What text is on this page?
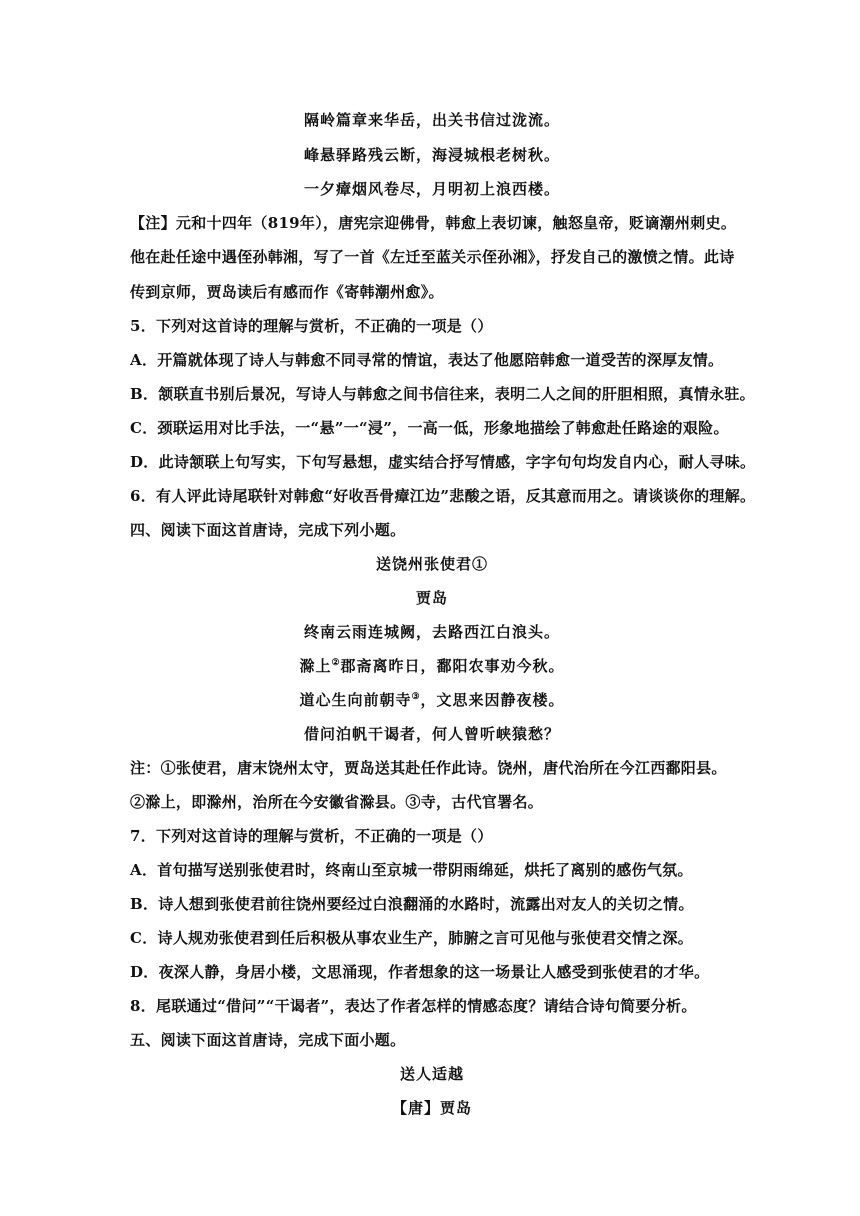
隔岭篇章来华岳，出关书信过泷流。
峰悬驿路残云断，海浸城根老树秋。
一夕瘴烟风卷尽，月明初上浪西楼。
【注】元和十四年（819年），唐宪宗迎佛骨，韩愈上表切谏，触怒皇帝，贬谪潮州刺史。
他在赴任途中遇侄孙韩湘，写了一首《左迁至蓝关示侄孙湘》，抒发自己的激愤之情。此诗
传到京师，贾岛读后有感而作《寄韩潮州愈》。
5．下列对这首诗的理解与赏析，不正确的一项是（）
A．开篇就体现了诗人与韩愈不同寻常的情谊，表达了他愿陪韩愈一道受苦的深厚友情。
B．颔联直书别后景况，写诗人与韩愈之间书信往来，表明二人之间的肝胆相照，真情永驻。
C．颈联运用对比手法，一“悬”一“浸”，一高一低，形象地描绘了韩愈赴任路途的艰险。
D．此诗颔联上句写实，下句写悬想，虚实结合抒写情感，字字句句均发自内心，耐人寻味。
6．有人评此诗尾联针对韩愈“好收吾骨瘴江边”悲酸之语，反其意而用之。请谈谈你的理解。
四、阅读下面这首唐诗，完成下列小题。
送饶州张使君①
贾岛
终南云雨连城阙，去路西江白浪头。
滁上②郡斋离昨日，鄱阳农事劝今秋。
道心生向前朝寺③，文思来因静夜楼。
借问泊帆干谒者，何人曾听峡猿愁？
注：①张使君，唐末饶州太守，贾岛送其赴任作此诗。饶州，唐代治所在今江西鄱阳县。
②滁上，即滁州，治所在今安徽省滁县。③寺，古代官署名。
7．下列对这首诗的理解与赏析，不正确的一项是（）
A．首句描写送别张使君时，终南山至京城一带阴雨绵延，烘托了离别的感伤气氛。
B．诗人想到张使君前往饶州要经过白浪翻涌的水路时，流露出对友人的关切之情。
C．诗人规劝张使君到任后积极从事农业生产，肺腑之言可见他与张使君交情之深。
D．夜深人静，身居小楼，文思涌现，作者想象的这一场景让人感受到张使君的才华。
8．尾联通过“借问”“干谒者”，表达了作者怎样的情感态度？请结合诗句简要分析。
五、阅读下面这首唐诗，完成下面小题。
送人适越
【唐】贾岛
